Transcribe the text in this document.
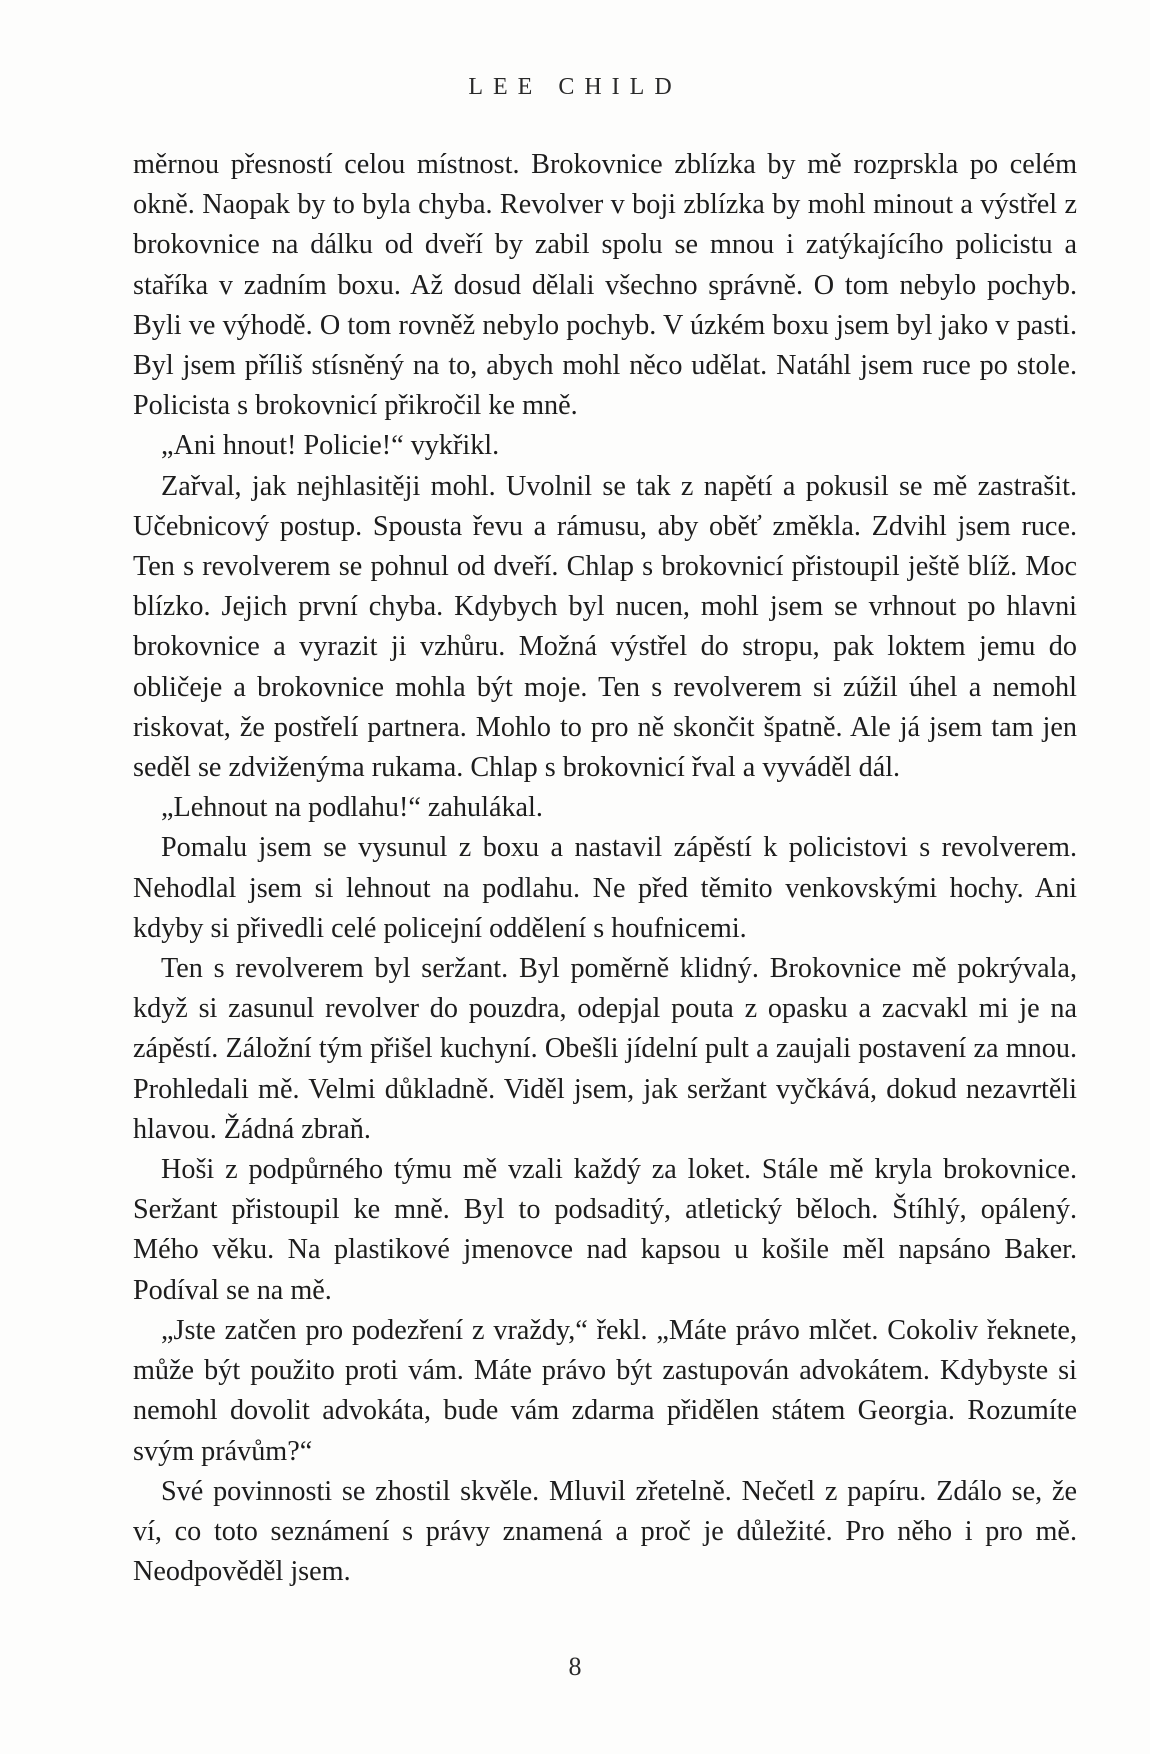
LEE CHILD

měrnou přesností celou místnost. Brokovnice zblízka by mě rozprskla po celém okně. Naopak by to byla chyba. Revolver v boji zblízka by mohl minout a výstřel z brokovnice na dálku od dveří by zabil spolu se mnou i zatýkajícího policistu a staříka v zadním boxu. Až dosud dělali všechno správně. O tom nebylo pochyb. Byli ve výhodě. O tom rovněž nebylo pochyb. V úzkém boxu jsem byl jako v pasti. Byl jsem příliš stísněný na to, abych mohl něco udělat. Natáhl jsem ruce po stole. Policista s brokovnicí přikročil ke mně.

„Ani hnout! Policie!“ vykřikl.

Zařval, jak nejhlasitěji mohl. Uvolnil se tak z napětí a pokusil se mě zastrašit. Učebnicový postup. Spousta řevu a rámusu, aby oběť změkla. Zdvihl jsem ruce. Ten s revolverem se pohnul od dveří. Chlap s brokovnicí přistoupil ještě blíž. Moc blízko. Jejich první chyba. Kdybych byl nucen, mohl jsem se vrhnout po hlavni brokovnice a vyrazit ji vzhůru. Možná výstřel do stropu, pak loktem jemu do obličeje a brokovnice mohla být moje. Ten s revolverem si zúžil úhel a nemohl riskovat, že postřelí partnera. Mohlo to pro ně skončit špatně. Ale já jsem tam jen seděl se zdviženýma rukama. Chlap s brokovnicí řval a vyváděl dál.

„Lehnout na podlahu!“ zahulákal.

Pomalu jsem se vysunul z boxu a nastavil zápěstí k policistovi s revolverem. Nehodlal jsem si lehnout na podlahu. Ne před těmito venkovskými hochy. Ani kdyby si přivedli celé policejní oddělení s houfnicemi.

Ten s revolverem byl seržant. Byl poměrně klidný. Brokovnice mě pokrývala, když si zasunul revolver do pouzdra, odepjal pouta z opasku a zacvakl mi je na zápěstí. Záložní tým přišel kuchyní. Obešli jídelní pult a zaujali postavení za mnou. Prohledali mě. Velmi důkladně. Viděl jsem, jak seržant vyčkává, dokud nezavrtěli hlavou. Žádná zbraň.

Hoši z podpůrného týmu mě vzali každý za loket. Stále mě kryla brokovnice. Seržant přistoupil ke mně. Byl to podsaditý, atletický běloch. Štíhlý, opálený. Mého věku. Na plastikové jmenovce nad kapsou u košile měl napsáno Baker. Podíval se na mě.

„Jste zatčen pro podezření z vraždy,“ řekl. „Máte právo mlčet. Cokoliv řeknete, může být použito proti vám. Máte právo být zastupován advokátem. Kdybyste si nemohl dovolit advokáta, bude vám zdarma přidělen státem Georgia. Rozumíte svým právům?“

Své povinnosti se zhostil skvěle. Mluvil zřetelně. Nečetl z papíru. Zdálo se, že ví, co toto seznámení s právy znamená a proč je důležité. Pro něho i pro mě. Neodpověděl jsem.

8
